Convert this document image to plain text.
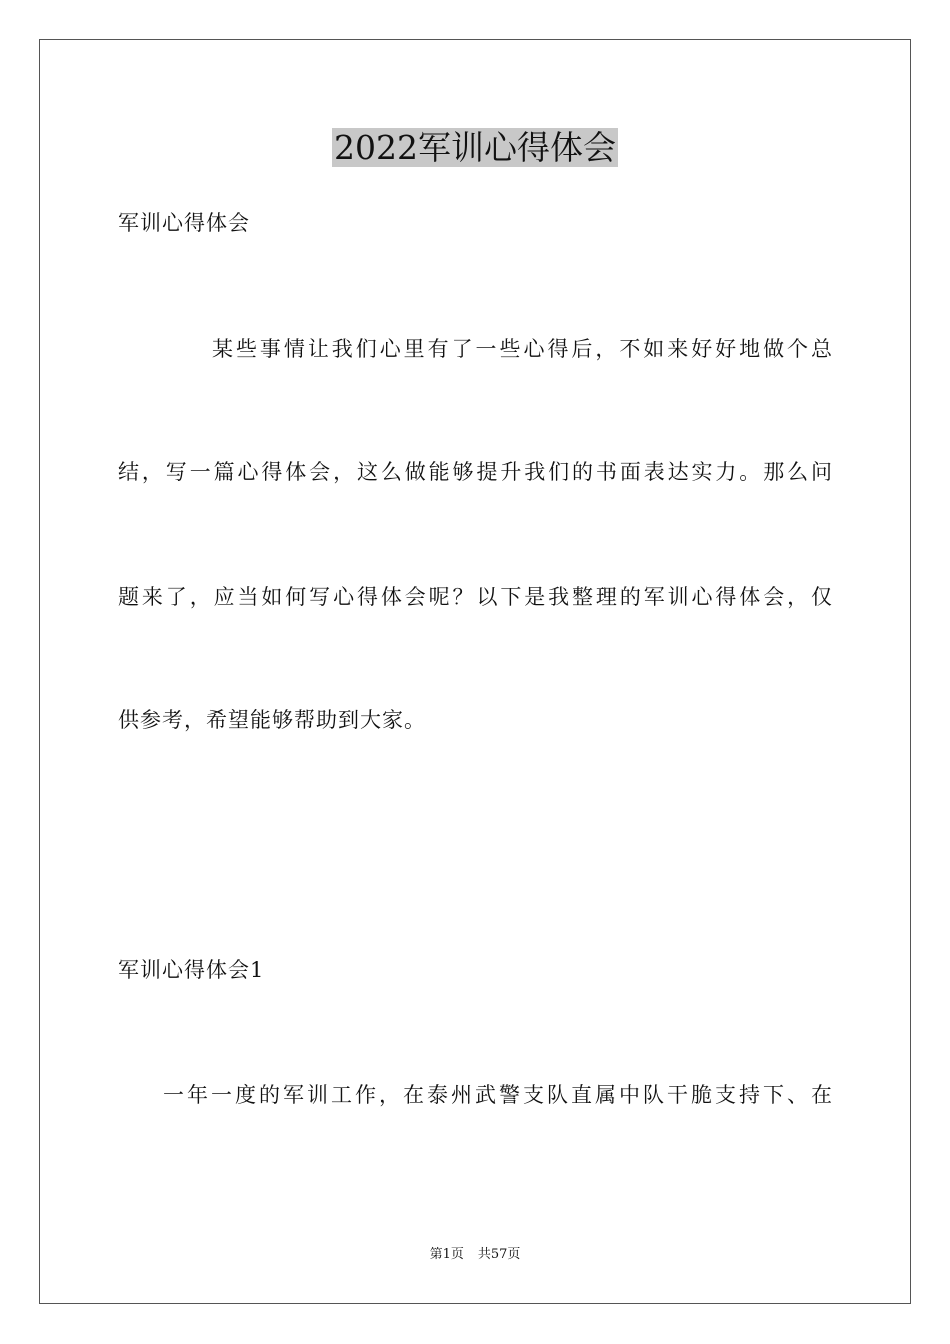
2022军训心得体会
军训心得体会
某些事情让我们心里有了一些心得后，不如来好好地做个总
结，写一篇心得体会，这么做能够提升我们的书面表达实力。那么问
题来了，应当如何写心得体会呢？以下是我整理的军训心得体会，仅
供参考，希望能够帮助到大家。
军训心得体会1
一年一度的军训工作，在泰州武警支队直属中队干脆支持下、在
第1页 共57页
